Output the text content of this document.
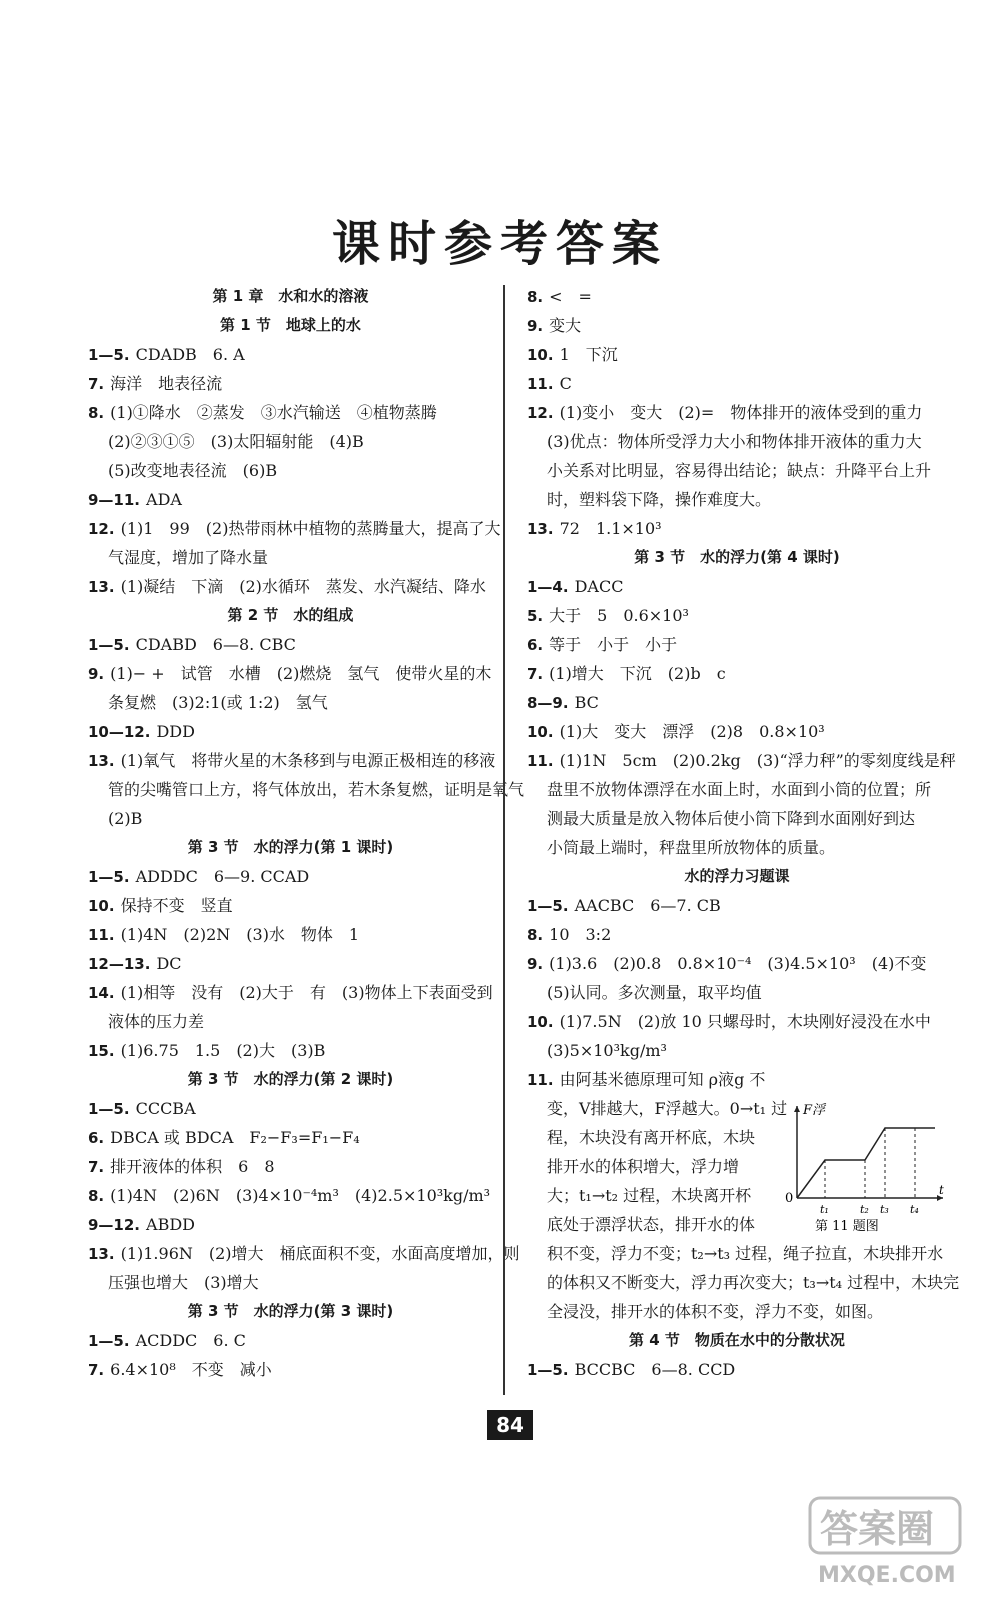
课时参考答案
第 1 章　水和水的溶液
第 1 节　地球上的水
1—5. CDADB　6. A
7. 海洋　地表径流
8. (1)①降水　②蒸发　③水汽输送　④植物蒸腾
(2)②③①⑤　(3)太阳辐射能　(4)B
(5)改变地表径流　(6)B
9—11. ADA
12. (1)1　99　(2)热带雨林中植物的蒸腾量大，提高了大
气湿度，增加了降水量
13. (1)凝结　下滴　(2)水循环　蒸发、水汽凝结、降水
第 2 节　水的组成
1—5. CDABD　6—8. CBC
9. (1)− +　试管　水槽　(2)燃烧　氢气　使带火星的木
条复燃　(3)2:1(或 1:2)　氢气
10—12. DDD
13. (1)氧气　将带火星的木条移到与电源正极相连的移液
管的尖嘴管口上方，将气体放出，若木条复燃，证明是氧气
(2)B
第 3 节　水的浮力(第 1 课时)
1—5. ADDDC　6—9. CCAD
10. 保持不变　竖直
11. (1)4N　(2)2N　(3)水　物体　1
12—13. DC
14. (1)相等　没有　(2)大于　有　(3)物体上下表面受到
液体的压力差
15. (1)6.75　1.5　(2)大　(3)B
第 3 节　水的浮力(第 2 课时)
1—5. CCCBA
6. DBCA 或 BDCA　F₂−F₃=F₁−F₄
7. 排开液体的体积　6　8
8. (1)4N　(2)6N　(3)4×10⁻⁴m³　(4)2.5×10³kg/m³
9—12. ABDD
13. (1)1.96N　(2)增大　桶底面积不变，水面高度增加，则
压强也增大　(3)增大
第 3 节　水的浮力(第 3 课时)
1—5. ACDDC　6. C
7. 6.4×10⁸　不变　减小
8. <　=
9. 变大
10. 1　下沉
11. C
12. (1)变小　变大　(2)=　物体排开的液体受到的重力
(3)优点：物体所受浮力大小和物体排开液体的重力大
小关系对比明显，容易得出结论；缺点：升降平台上升
时，塑料袋下降，操作难度大。
13. 72　1.1×10³
第 3 节　水的浮力(第 4 课时)
1—4. DACC
5. 大于　5　0.6×10³
6. 等于　小于　小于
7. (1)增大　下沉　(2)b　c
8—9. BC
10. (1)大　变大　漂浮　(2)8　0.8×10³
11. (1)1N　5cm　(2)0.2kg　(3)“浮力秤”的零刻度线是秤
盘里不放物体漂浮在水面上时，水面到小筒的位置；所
测最大质量是放入物体后使小筒下降到水面刚好到达
小筒最上端时，秤盘里所放物体的质量。
水的浮力习题课
1—5. AACBC　6—7. CB
8. 10　3:2
9. (1)3.6　(2)0.8　0.8×10⁻⁴　(3)4.5×10³　(4)不变
(5)认同。多次测量，取平均值
10. (1)7.5N　(2)放 10 只螺母时，木块刚好浸没在水中
(3)5×10³kg/m³
11. 由阿基米德原理可知 ρ液g 不
变，V排越大，F浮越大。0→t₁ 过
程，木块没有离开杯底，木块
排开水的体积增大，浮力增
大；t₁→t₂ 过程，木块离开杯
底处于漂浮状态，排开水的体
积不变，浮力不变；t₂→t₃ 过程，绳子拉直，木块排开水
的体积又不断变大，浮力再次变大；t₃→t₄ 过程中，木块完
全浸没，排开水的体积不变，浮力不变，如图。
第 4 节　物质在水中的分散状况
1—5. BCCBC　6—8. CCD
F浮
0
t
t₁	t₂ t₃ t₄
第 11 题图
84
答案圈
MXQE.COM
